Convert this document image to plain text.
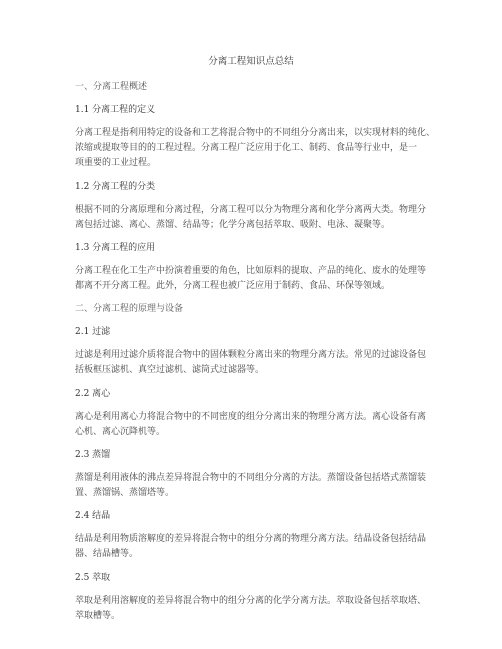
分离工程知识点总结
一、分离工程概述
1.1 分离工程的定义
分离工程是指利用特定的设备和工艺将混合物中的不同组分分离出来，以实现材料的纯化、
浓缩或提取等目的的工程过程。分离工程广泛应用于化工、制药、食品等行业中，是一
项重要的工业过程。
1.2 分离工程的分类
根据不同的分离原理和分离过程，分离工程可以分为物理分离和化学分离两大类。物理分
离包括过滤、离心、蒸馏、结晶等；化学分离包括萃取、吸附、电泳、凝聚等。
1.3 分离工程的应用
分离工程在化工生产中扮演着重要的角色，比如原料的提取、产品的纯化、废水的处理等
都离不开分离工程。此外，分离工程也被广泛应用于制药、食品、环保等领域。
二、分离工程的原理与设备
2.1 过滤
过滤是利用过滤介质将混合物中的固体颗粒分离出来的物理分离方法。常见的过滤设备包
括板框压滤机、真空过滤机、滤筒式过滤器等。
2.2 离心
离心是利用离心力将混合物中的不同密度的组分分离出来的物理分离方法。离心设备有离
心机、离心沉降机等。
2.3 蒸馏
蒸馏是利用液体的沸点差异将混合物中的不同组分分离的方法。蒸馏设备包括塔式蒸馏装
置、蒸馏锅、蒸馏塔等。
2.4 结晶
结晶是利用物质溶解度的差异将混合物中的组分分离的物理分离方法。结晶设备包括结晶
器、结晶槽等。
2.5 萃取
萃取是利用溶解度的差异将混合物中的组分分离的化学分离方法。萃取设备包括萃取塔、
萃取槽等。
